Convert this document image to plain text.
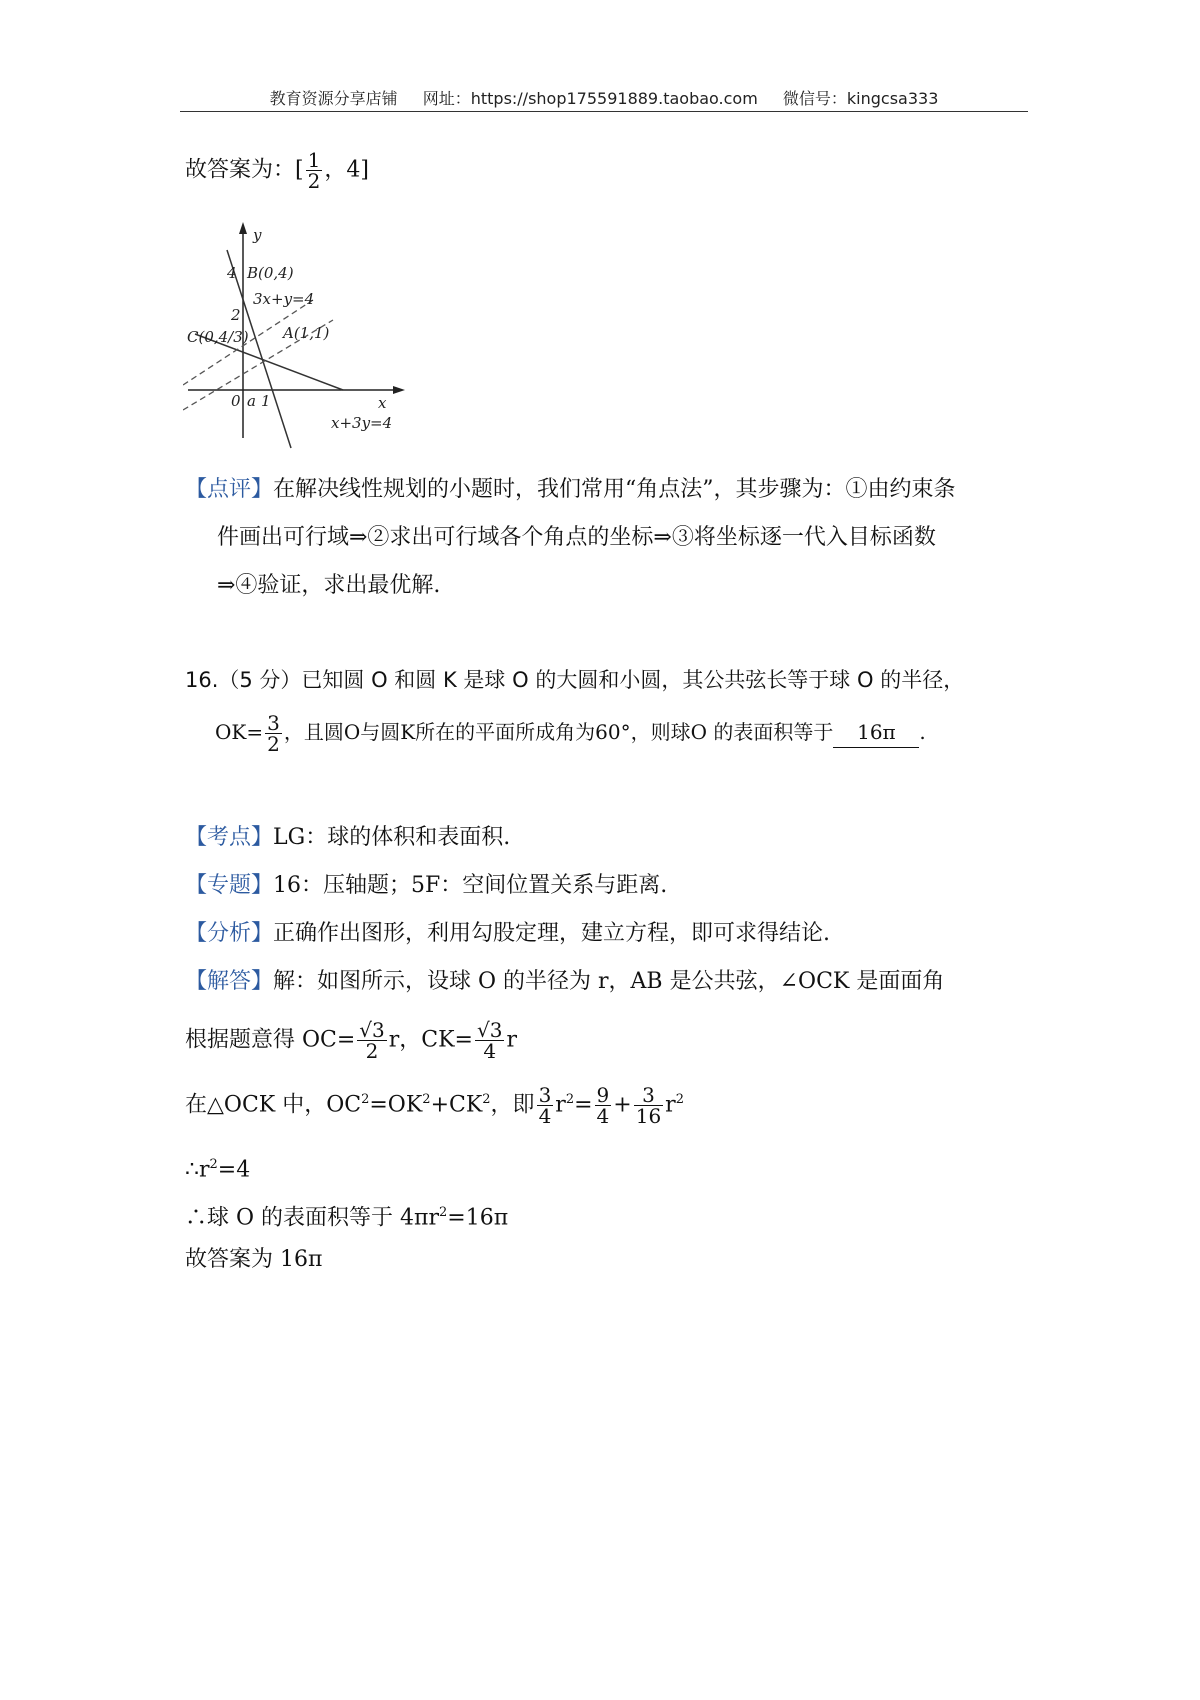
教育资源分享店铺 网址：https://shop175591889.taobao.com 微信号：kingcsa333
故答案为：[ $\frac{1}{2}$ ，4]
y
x
4
2
0 a 1
B(0,4)
3x+y=4
C(0,4/3) A(1,1)
x+3y=4
【点评】在解决线性规划的小题时，我们常用“角点法”，其步骤为：①由约束条
件画出可行域⇒②求出可行域各个角点的坐标⇒③将坐标逐一代入目标函数
⇒④验证，求出最优解.
16.（5 分）已知圆 O 和圆 K 是球 O 的大圆和小圆，其公共弦长等于球 O 的半径，
$OK= \frac{3}{2}$ ，且圆O与圆K所在的平面所成角为60°，则球O 的表面积等于 16π .
【考点】LG：球的体积和表面积.
【专题】16：压轴题；5F：空间位置关系与距离.
【分析】正确作出图形，利用勾股定理，建立方程，即可求得结论.
【解答】解：如图所示，设球 O 的半径为 r，AB 是公共弦，∠OCK 是面面角
根据题意得 $OC= \frac{√3}{2}$ r，$CK= \frac{√3}{4}$ r
在△OCK 中，$OC^2=OK^2+CK^2$，即 $\frac{3}{4} r^2= \frac{9}{4} + \frac{3}{16} r^2$
$\therefore r^2=4$
∴球 O 的表面积等于 $4\pi r^2=16\pi$
故答案为 16π
